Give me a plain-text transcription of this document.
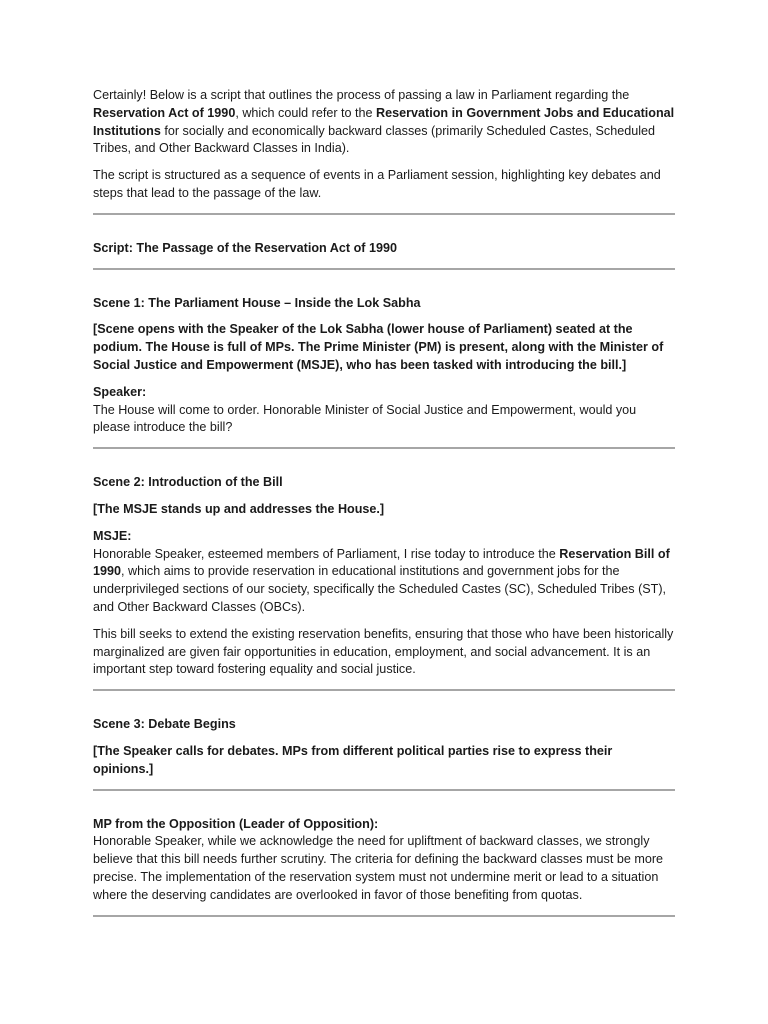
Certainly! Below is a script that outlines the process of passing a law in Parliament regarding the Reservation Act of 1990, which could refer to the Reservation in Government Jobs and Educational Institutions for socially and economically backward classes (primarily Scheduled Castes, Scheduled Tribes, and Other Backward Classes in India).

The script is structured as a sequence of events in a Parliament session, highlighting key debates and steps that lead to the passage of the law.

Script: The Passage of the Reservation Act of 1990

Scene 1: The Parliament House – Inside the Lok Sabha

[Scene opens with the Speaker of the Lok Sabha (lower house of Parliament) seated at the podium. The House is full of MPs. The Prime Minister (PM) is present, along with the Minister of Social Justice and Empowerment (MSJE), who has been tasked with introducing the bill.]

Speaker:
The House will come to order. Honorable Minister of Social Justice and Empowerment, would you please introduce the bill?

Scene 2: Introduction of the Bill

[The MSJE stands up and addresses the House.]

MSJE:
Honorable Speaker, esteemed members of Parliament, I rise today to introduce the Reservation Bill of 1990, which aims to provide reservation in educational institutions and government jobs for the underprivileged sections of our society, specifically the Scheduled Castes (SC), Scheduled Tribes (ST), and Other Backward Classes (OBCs).

This bill seeks to extend the existing reservation benefits, ensuring that those who have been historically marginalized are given fair opportunities in education, employment, and social advancement. It is an important step toward fostering equality and social justice.

Scene 3: Debate Begins

[The Speaker calls for debates. MPs from different political parties rise to express their opinions.]

MP from the Opposition (Leader of Opposition):
Honorable Speaker, while we acknowledge the need for upliftment of backward classes, we strongly believe that this bill needs further scrutiny. The criteria for defining the backward classes must be more precise. The implementation of the reservation system must not undermine merit or lead to a situation where the deserving candidates are overlooked in favor of those benefiting from quotas.
